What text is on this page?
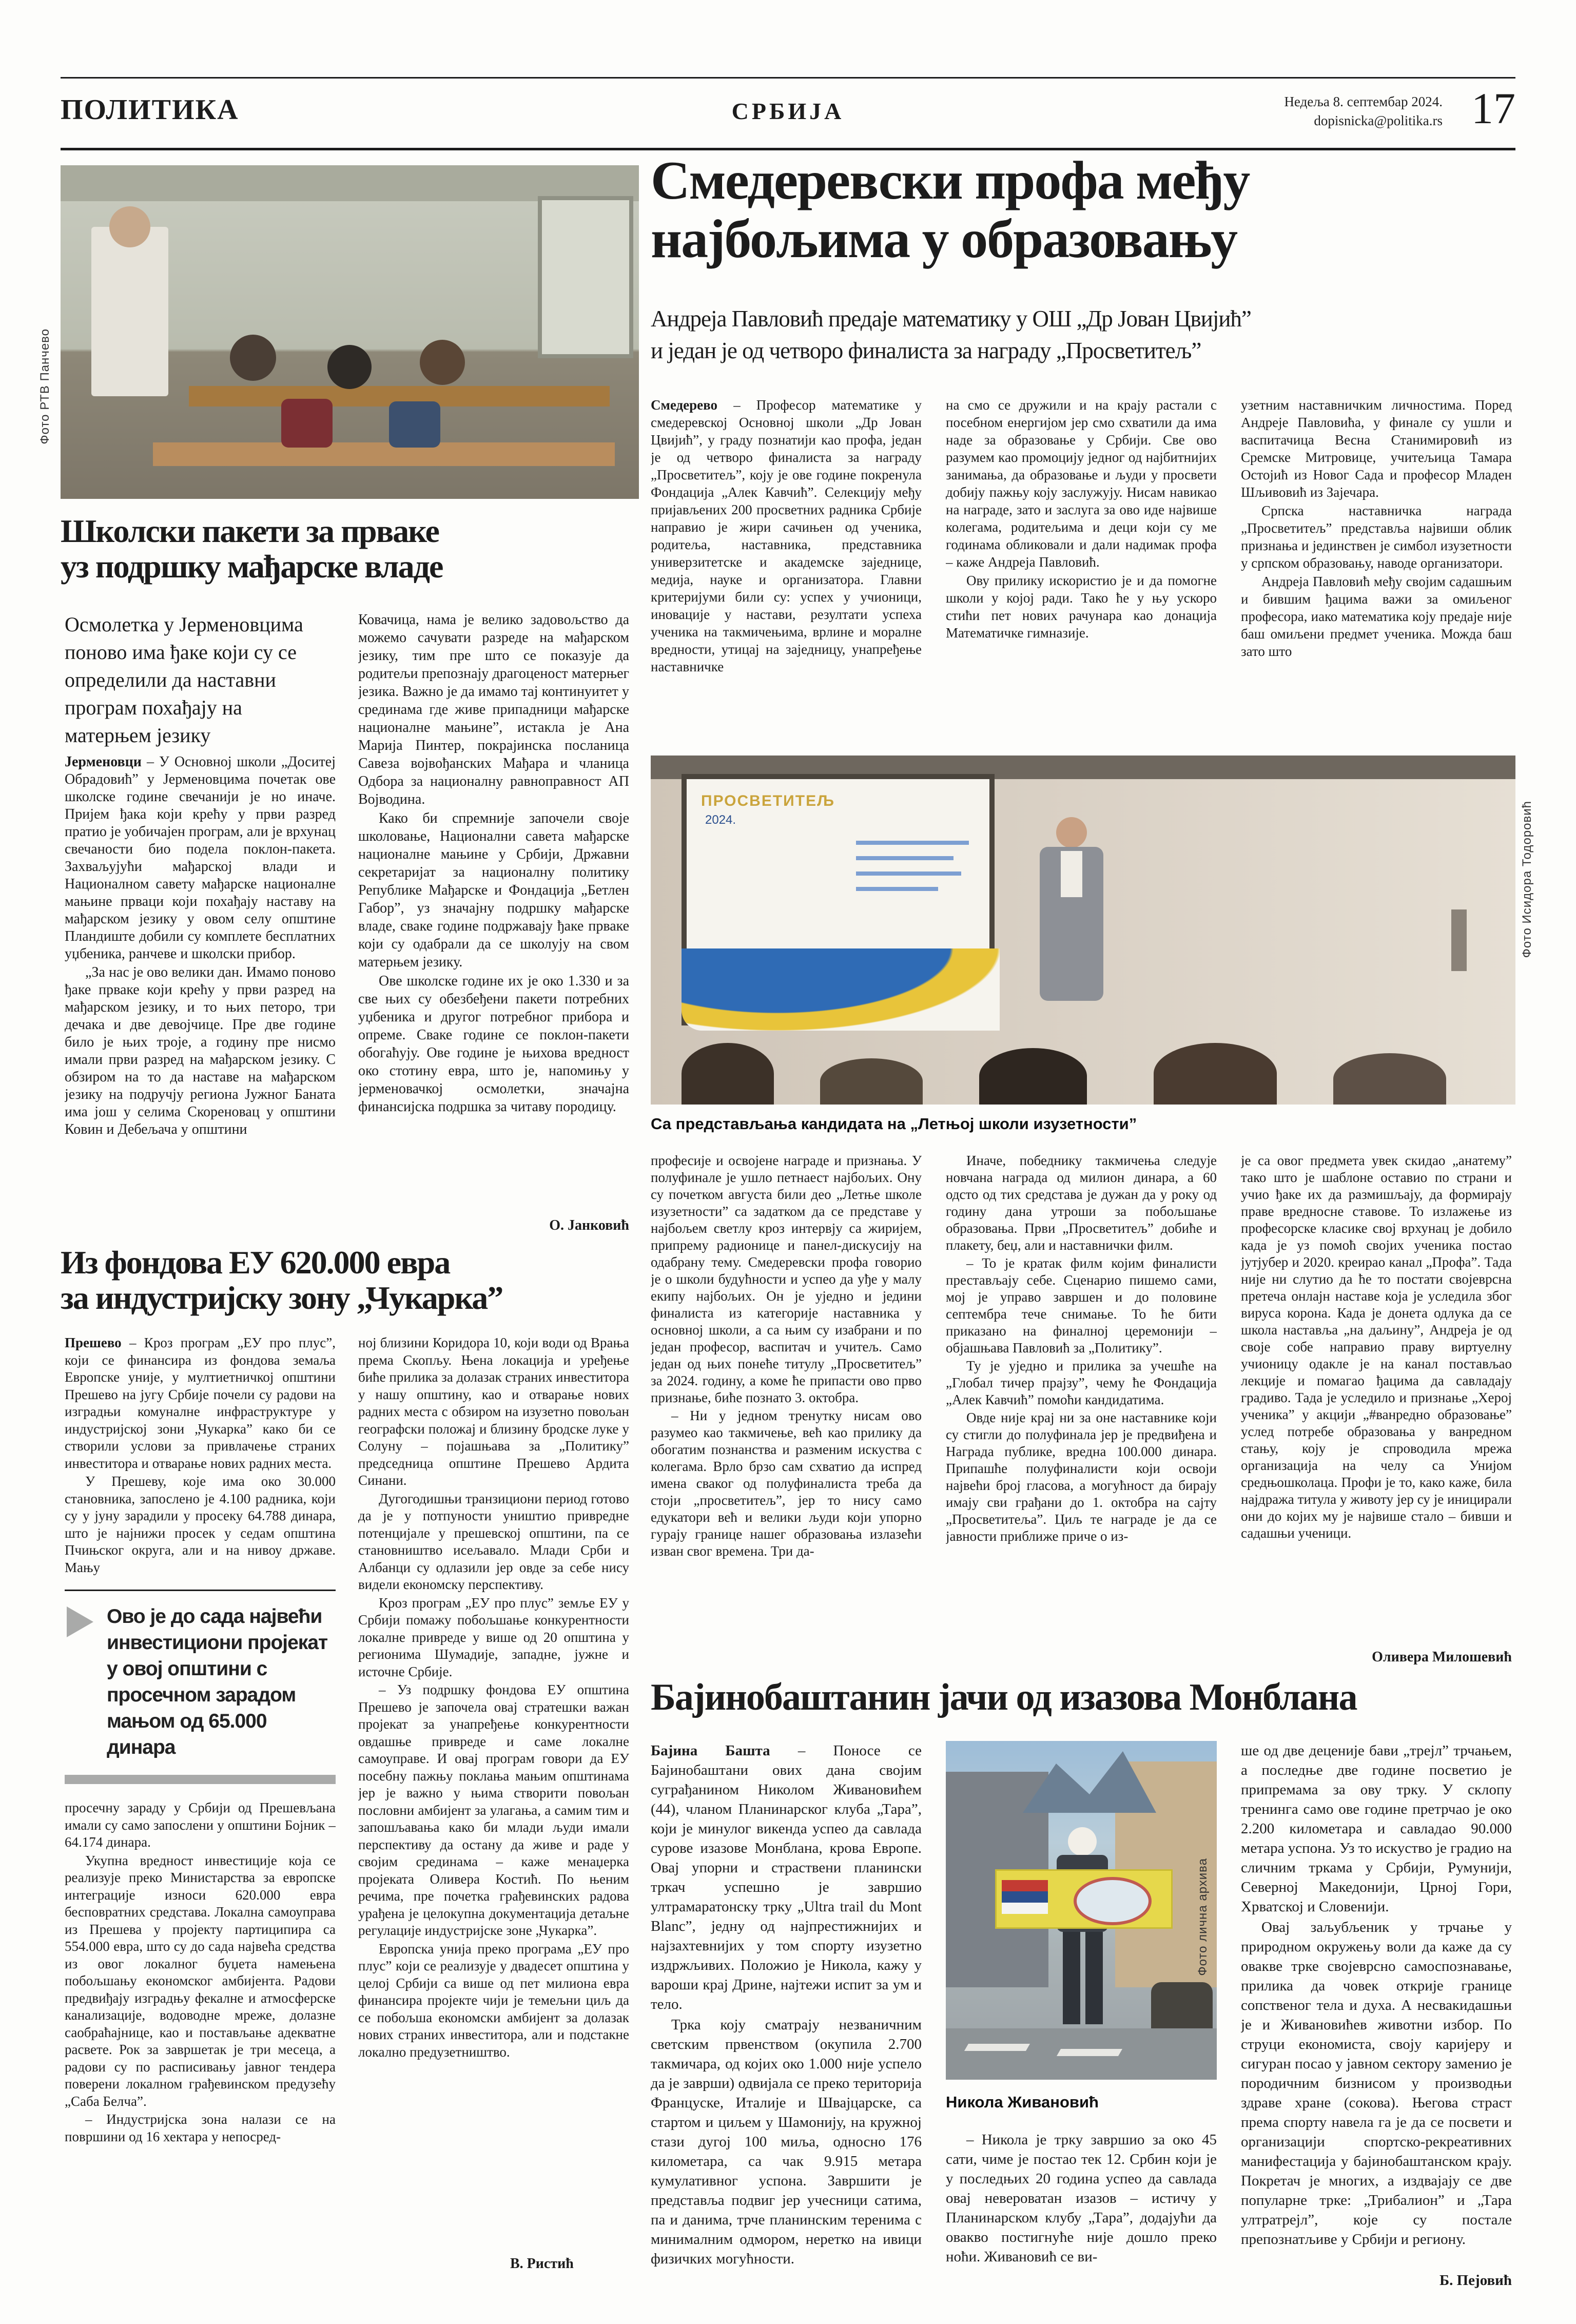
ПОЛИТИКА	СРБИЈА	Недеља 8. септембар 2024.
dopisnicka@politika.rs 17
Фото РТВ Панчево
Школски пакети за прваке
уз подршку мађарске владе
Осмолетка у Јерменовцима поново има ђаке који су се определили да наставни програм похађају на матерњем језику

Јерменовци – У Основној школи „Доситеј Обрадовић” у Јерменовцима почетак ове школске године свечанији је но иначе. Пријем ђака који крећу у први разред пратио је уобичајен програм, али је врхунац свечаности био подела поклон-пакета. Захваљујући мађарској влади и Националном савету мађарске националне мањине прваци који похађају наставу на мађарском језику у овом селу општине Пландиште добили су комплете бесплатних уџбеника, ранчеве и школски прибор.

„За нас је ово велики дан. Имамо поново ђаке прваке који крећу у први разред на мађарском језику, и то њих петоро, три дечака и две девојчице. Пре две године било је њих троје, а годину пре нисмо имали први разред на мађарском језику. С обзиром на то да наставе на мађарском језику на подручју региона Јужног Баната има још у селима Скореновац у општини Ковин и Дебељача у општини

Ковачица, нама је велико задовољство да можемо сачувати разреде на мађарском језику, тим пре што се показује да родитељи препознају драгоценост матерњег језика. Важно је да имамо тај континуитет у срединама где живе припадници мађарске националне мањине”, истакла је Ана Марија Пинтер, покрајинска посланица Савеза војвођанских Мађара и чланица Одбора за националну равноправност АП Војводина.

Како би спремније започели своје школовање, Национални савета мађарске националне мањине у Србији, Државни секретаријат за националну политику Републике Мађарске и Фондација „Бетлен Габор”, уз значајну подршку мађарске владе, сваке године подржавају ђаке прваке који су одабрали да се школују на свом матерњем језику.

Ове школске године их је око 1.330 и за све њих су обезбеђени пакети потребних уџбеника и другог потребног прибора и опреме. Сваке године се поклон-пакети обогаћују. Ове године је њихова вредност око стотину евра, што је, напомињу у јерменовачкој осмолетки, значајна финансијска подршка за читаву породицу.

О. Јанковић
Из фондова ЕУ 620.000 евра
за индустријску зону „Чукарка”

Прешево – Кроз програм „ЕУ про плус”, који се финансира из фондова земаља Европске уније, у мултиетничкој општини Прешево на југу Србије почели су радови на изградњи комуналне инфраструктуре у индустријској зони „Чукарка” како би се створили услови за привлачење страних инвеститора и отварање нових радних места.

У Прешеву, које има око 30.000 становника, запослено је 4.100 радника, који су у јуну зарадили у просеку 64.788 динара, што је најнижи просек у седам општина Пчињског округа, али и на нивоу државе. Мању

Ово је до сада највећи инвестициони пројекат у овој општини с просечном зарадом мањом од 65.000 динара

просечну зараду у Србији од Прешевљана имали су само запослени у општини Бојник – 64.174 динара.

Укупна вредност инвестиције која се реализује преко Министарства за европске интеграције износи 620.000 евра бесповратних средстава. Локална самоуправа из Прешева у пројекту партиципира са 554.000 евра, што су до сада највећа средства из овог локалног буџета намењена побољшању економског амбијента. Радови предвиђају изградњу фекалне и атмосферске канализације, водоводне мреже, долазне саобраћајнице, као и постављање адекватне расвете. Рок за завршетак је три месеца, а радови су по расписивању јавног тендера поверени локалном грађевинском предузећу „Саба Белча”.

– Индустријска зона налази се на површини од 16 хектара у непосред-

ној близини Коридора 10, који води од Врања према Скопљу. Њена локација и уређење биће прилика за долазак страних инвеститора у нашу општину, као и отварање нових радних места с обзиром на изузетно повољан географски положај и близину бродске луке у Солуну – појашњава за „Политику” председница општине Прешево Ардита Синани.

Дугогодишњи транзициони период готово да је у потпуности уништио привредне потенцијале у прешевској општини, па се становништво исељавало. Млади Срби и Албанци су одлазили јер овде за себе нису видели економску перспективу.

Кроз програм „ЕУ про плус” земље ЕУ у Србији помажу побољшање конкурентности локалне привреде у више од 20 општина у регионима Шумадије, западне, јужне и источне Србије.

– Уз подршку фондова ЕУ општина Прешево је започела овај стратешки важан пројекат за унапређење конкурентности овдашње привреде и саме локалне самоуправе. И овај програм говори да ЕУ посебну пажњу поклања мањим општинама јер је важно у њима створити повољан пословни амбијент за улагања, а самим тим и запошљавања како би млади људи имали перспективу да остану да живе и раде у својим срединама – каже менаџерка пројеката Оливера Костић. По њеним речима, пре почетка грађевинских радова урађена је целокупна документација детаљне регулације индустријске зоне „Чукарка”.

Европска унија преко програма „ЕУ про плус” који се реализује у двадесет општина у целој Србији са више од пет милиона евра финансира пројекте чији је темељни циљ да се побољша економски амбијент за долазак нових страних инвеститора, али и подстакне локално предузетништво.

В. Ристић
Смедеревски профа међу
најбољима у образовању
Андреја Павловић предаје математику у ОШ „Др Јован Цвијић”
и један је од четворо финалиста за награду „Просветитељ”

Смедерево – Професор математике у смедеревској Основној школи „Др Јован Цвијић”, у граду познатији као профа, један је од четворо финалиста за награду „Просветитељ”, коју је ове године покренула Фондација „Алек Кавчић”. Селекцију међу пријављених 200 просветних радника Србије направио је жири сачињен од ученика, родитеља, наставника, представника универзитетске и академске заједнице, медија, науке и организатора. Главни критеријуми били су: успех у учионици, иновације у настави, резултати успеха ученика на такмичењима, врлине и моралне вредности, утицај на заједницу, унапређење наставничке

на смо се дружили и на крају растали с посебном енергијом јер смо схватили да има наде за образовање у Србији. Све ово разумем као промоцију једног од најбитнијих занимања, да образовање и људи у просвети добију пажњу коју заслужују. Нисам навикао на награде, зато и заслуга за ово иде највише колегама, родитељима и деци који су ме годинама обликовали и дали надимак профа – каже Андреја Павловић.

Ову прилику искористио је и да помогне школи у којој ради. Тако ће у њу ускоро стићи пет нових рачунара као донација Математичке гимназије.

узетним наставничким личностима. Поред Андреје Павловића, у финале су ушли и васпитачица Весна Станимировић из Сремске Митровице, учитељица Тамара Остојић из Новог Сада и професор Младен Шљивовић из Зајечара.

Српска наставничка награда „Просветитељ” представља највиши облик признања и јединствен је симбол изузетности у српском образовању, наводе организатори.

Андреја Павловић међу својим садашњим и бившим ђацима важи за омиљеног професора, иако математика коју предаје није баш омиљени предмет ученика. Можда баш зато што

ПРОСВЕТИТЕЉ
2024.	Фото Исидора Тодоровић
Са представљања кандидата на „Летњој школи изузетности”

професије и освојене награде и признања. У полуфинале је ушло петнаест најбољих. Ону су почетком августа били део „Летње школе изузетности” са задатком да се представе у најбољем светлу кроз интервју са жиријем, припрему радионице и панел-дискусију на одабрану тему. Смедеревски профа говорио је о школи будућности и успео да уђе у малу екипу најбољих. Он је уједно и једини финалиста из категорије наставника у основној школи, а са њим су изабрани и по један професор, васпитач и учитељ. Само један од њих понеће титулу „Просветитељ” за 2024. годину, а коме ће припасти ово прво признање, биће познато 3. октобра.

– Ни у једном тренутку нисам ово разумео као такмичење, већ као прилику да обогатим познанства и разменим искуства с колегама. Врло брзо сам схватио да испред имена сваког од полуфиналиста треба да стоји „просветитељ”, јер то нису само едукатори већ и велики људи који упорно гурају границе нашег образовања излазећи изван свог времена. Три да-

Иначе, победнику такмичења следује новчана награда од милион динара, а 60 одсто од тих средстава је дужан да у року од годину дана утроши за побољшање образовања. Први „Просветитељ” добиће и плакету, беџ, али и наставнички филм.

– То је кратак филм којим финалисти престављају себе. Сценарио пишемо сами, мој је управо завршен и до половине септембра тече снимање. То ће бити приказано на финалној церемонији – објашњава Павловић за „Политику”.

Ту је уједно и прилика за учешће на „Глобал тичер прајзу”, чему ће Фондација „Алек Кавчић” помоћи кандидатима.

Овде није крај ни за оне наставнике који су стигли до полуфинала јер је предвиђена и Награда публике, вредна 100.000 динара. Припашће полуфиналисти који освоји највећи број гласова, а могућност да бирају имају сви грађани до 1. октобра на сајту „Просветитеља”. Циљ те награде је да се јавности приближе приче о из-

Оливера Милошевић

је са овог предмета увек скидао „анатему” тако што је шаблоне оставио по страни и учио ђаке их да размишљају, да формирају праве вредносне ставове. То излажење из професорске класике свој врхунац је добило када је уз помоћ својих ученика постао јутјубер и 2020. креирао канал „Профа”. Тада није ни слутио да ће то постати својеврсна претеча онлајн наставе која је уследила због вируса корона. Када је донета одлука да се школа наставља „на даљину”, Андреја је од своје собе направио праву виртуелну учионицу одакле је на канал постављао лекције и помагао ђацима да савладају градиво. Тада је уследило и признање „Херој ученика” у акцији „#ванредно образовање” услед потребе образовања у ванредном стању, коју је спроводила мрежа организација на челу са Унијом средњошколаца. Профи је то, како каже, била најдража титула у животу јер су је иницирали они до којих му је највише стало – бивши и садашњи ученици.

Бајинобаштанин јачи од изазова Монблана

Бајина Башта – Поносе се Бајинобаштани ових дана својим суграђанином Николом Живановићем (44), чланом Планинарског клуба „Тара”, који је минулог викенда успео да савлада сурове изазове Монблана, крова Европе. Овај упорни и страствени планински тркач успешно је завршио ултрамаратонску трку „Ultra trail du Mont Blanc”, једну од најпрестижнијих и најзахтевнијих у том спорту изузетно издржљивих. Положио је Никола, кажу у вароши крај Дрине, најтежи испит за ум и тело.

Трка коју сматрају незваничним светским првенством (окупила 2.700 такмичара, од којих око 1.000 није успело да је заврши) одвијала се преко територија Француске, Италије и Швајцарске, са стартом и циљем у Шамонију, на кружној стази дугој 100 миља, односно 176 километара, са чак 9.915 метара кумулативног успона. Завршити је представља подвиг јер учесници сатима, па и данима, трче планинским теренима с минималним одмором, неретко на ивици физичких могућности.

Фото лична архива
Никола Живановић

– Никола је трку завршио за око 45 сати, чиме је постао тек 12. Србин који је у последњих 20 година успео да савлада овај невероватан изазов – истичу у Планинарском клубу „Тара”, додајући да овакво постигнуће није дошло преко ноћи. Живановић се ви-

Б. Пејовић

ше од две деценије бави „трејл” трчањем, а последње две године посветио је припремама за ову трку. У склопу тренинга само ове године претрчао је око 2.200 километара и савладао 90.000 метара успона. Уз то искуство је градио на сличним тркама у Србији, Румунији, Северној Македонији, Црној Гори, Хрватској и Словенији.

Овај заљубљеник у трчање у природном окружењу воли да каже да су овакве трке својеврсно самоспознавање, прилика да човек открије границе сопственог тела и духа. А несвакидашњи је и Живановићев животни избор. По струци економиста, своју каријеру и сигуран посао у јавном сектору заменио је породичним бизнисом у производњи здраве хране (сокова). Његова страст према спорту навела га је да се посвети и организацији спортско-рекреативних манифестација у бајинобаштанском крају. Покретач је многих, а издвајају се две популарне трке: „Трибалион” и „Тара ултратрејл”, које су постале препознатљиве у Србији и региону.
